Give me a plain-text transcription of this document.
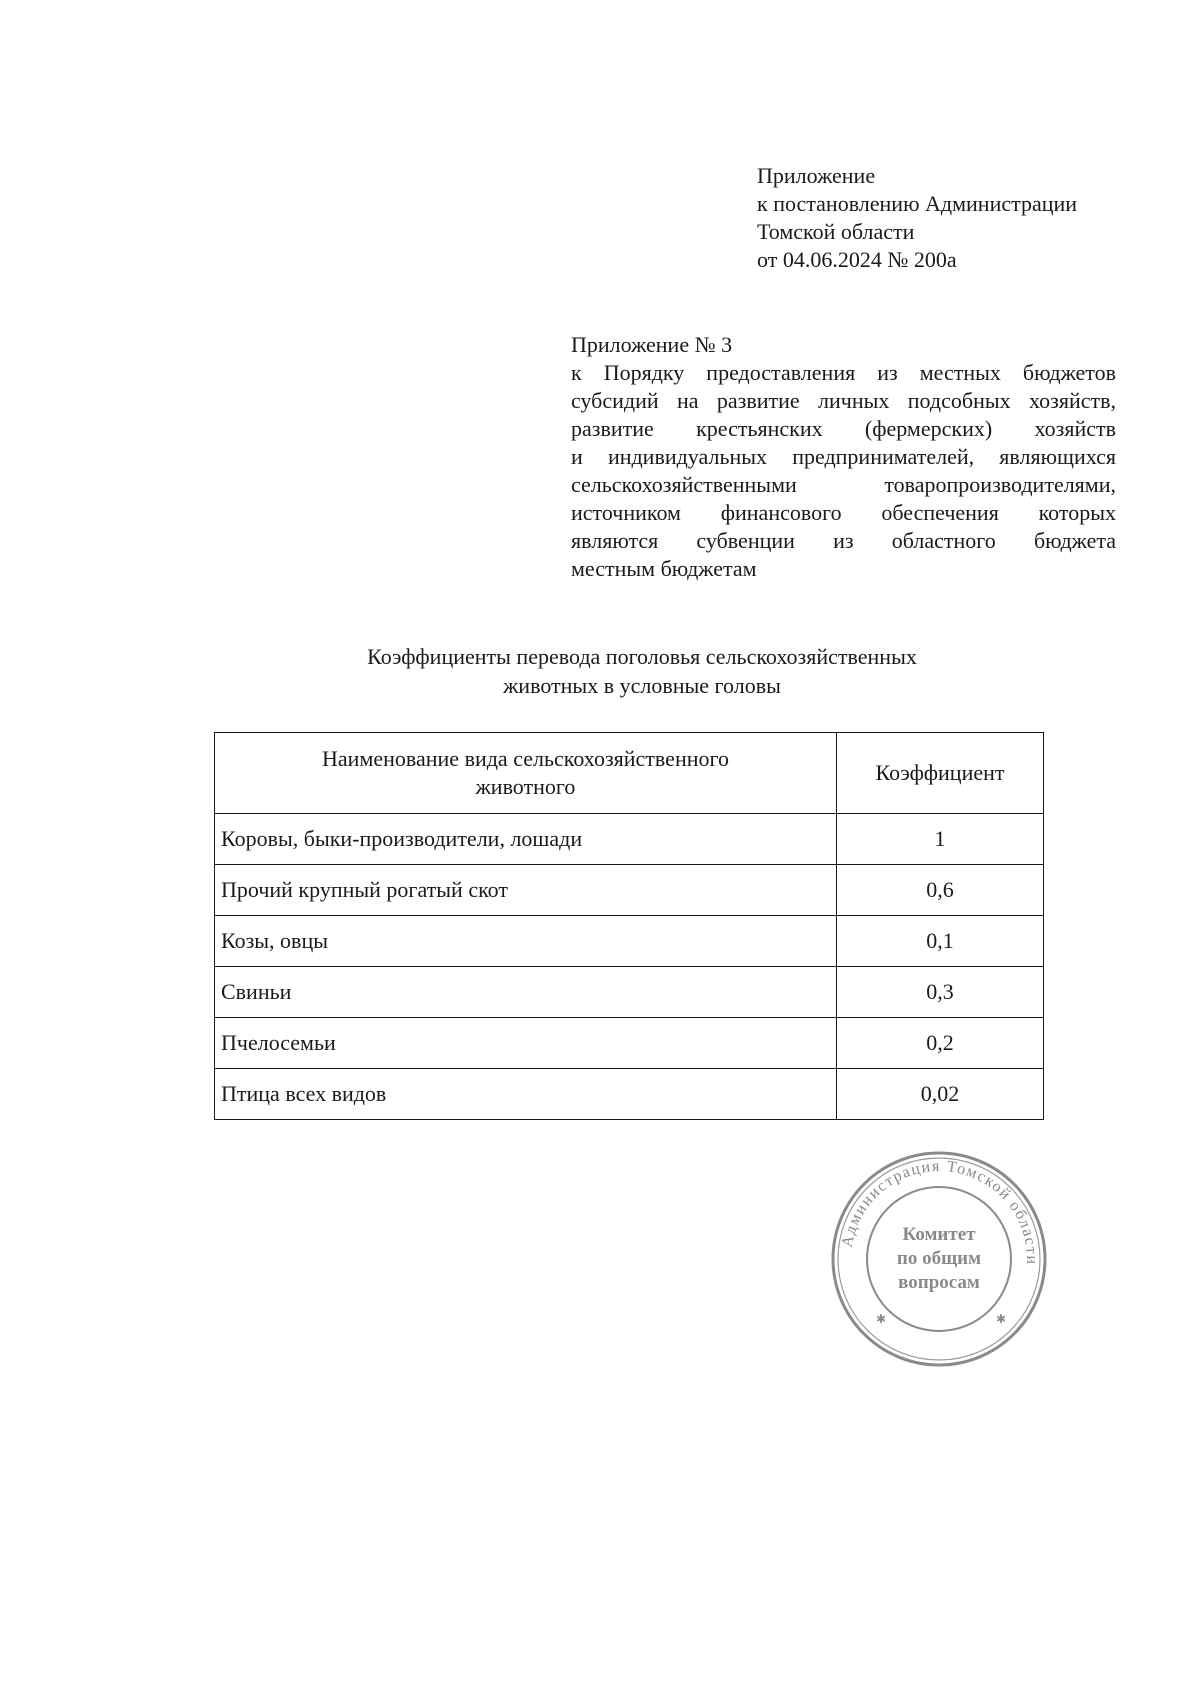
Приложение
к постановлению Администрации
Томской области
от 04.06.2024 № 200а
Приложение № 3
к Порядку предоставления из местных бюджетов
субсидий на развитие личных подсобных хозяйств,
развитие крестьянских (фермерских) хозяйств
и индивидуальных предпринимателей, являющихся
сельскохозяйственными товаропроизводителями,
источником финансового обеспечения которых
являются субвенции из областного бюджета
местным бюджетам
Коэффициенты перевода поголовья сельскохозяйственных
животных в условные головы
Наименование вида сельскохозяйственного
животного	Коэффициент
Коровы, быки-производители, лошади	1
Прочий крупный рогатый скот	0,6
Козы, овцы	0,1
Свиньи	0,3
Пчелосемьи	0,2
Птица всех видов	0,02
Администрация Томской области
Комитет
по общим
вопросам
✱	✱
